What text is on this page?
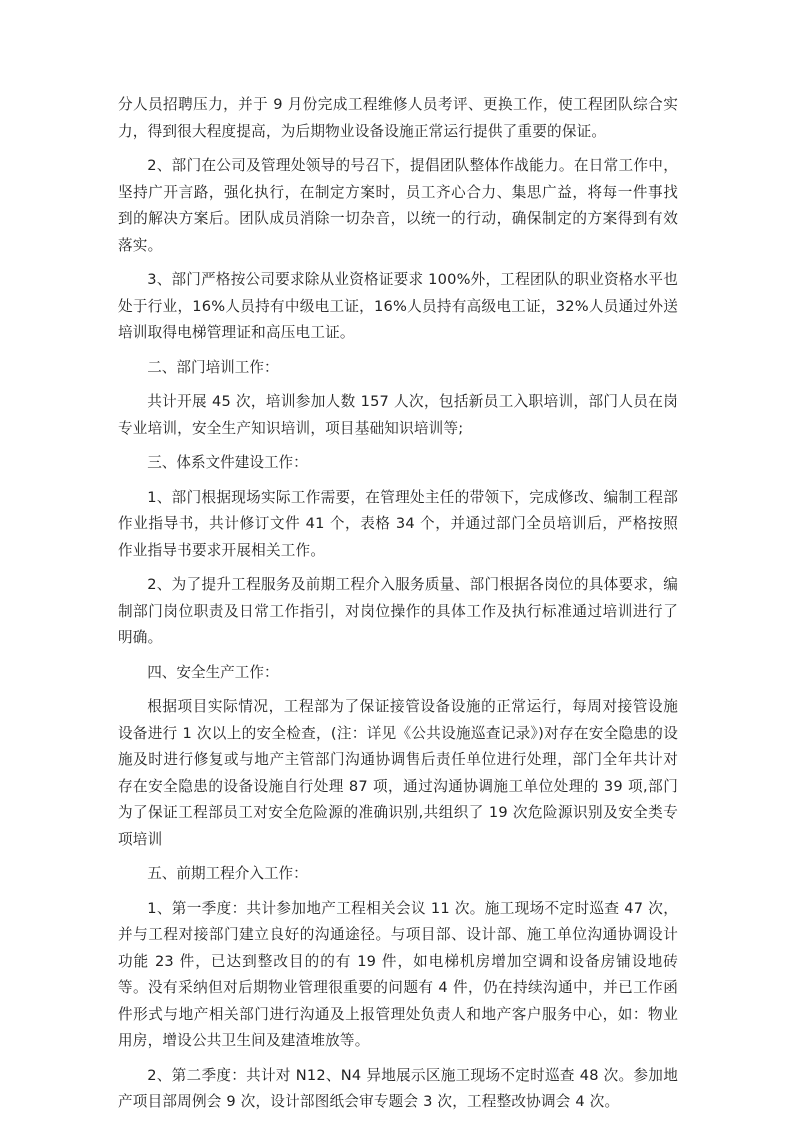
分人员招聘压力，并于 9 月份完成工程维修人员考评、更换工作，使工程团队综合实力，得到很大程度提高，为后期物业设备设施正常运行提供了重要的保证。

2、部门在公司及管理处领导的号召下，提倡团队整体作战能力。在日常工作中，坚持广开言路，强化执行，在制定方案时，员工齐心合力、集思广益，将每一件事找到的解决方案后。团队成员消除一切杂音，以统一的行动，确保制定的方案得到有效落实。

3、部门严格按公司要求除从业资格证要求 100%外，工程团队的职业资格水平也处于行业，16%人员持有中级电工证，16%人员持有高级电工证，32%人员通过外送培训取得电梯管理证和高压电工证。

二、部门培训工作：

共计开展 45 次，培训参加人数 157 人次，包括新员工入职培训，部门人员在岗专业培训，安全生产知识培训，项目基础知识培训等;

三、体系文件建设工作：

1、部门根据现场实际工作需要，在管理处主任的带领下，完成修改、编制工程部作业指导书，共计修订文件 41 个，表格 34 个，并通过部门全员培训后，严格按照作业指导书要求开展相关工作。

2、为了提升工程服务及前期工程介入服务质量、部门根据各岗位的具体要求，编制部门岗位职责及日常工作指引，对岗位操作的具体工作及执行标准通过培训进行了明确。

四、安全生产工作：

根据项目实际情况，工程部为了保证接管设备设施的正常运行，每周对接管设施设备进行 1 次以上的安全检查，(注：详见《公共设施巡查记录》)对存在安全隐患的设施及时进行修复或与地产主管部门沟通协调售后责任单位进行处理，部门全年共计对存在安全隐患的设备设施自行处理 87 项，通过沟通协调施工单位处理的 39 项,部门为了保证工程部员工对安全危险源的准确识别,共组织了 19 次危险源识别及安全类专项培训

五、前期工程介入工作：

1、第一季度：共计参加地产工程相关会议 11 次。施工现场不定时巡查 47 次，并与工程对接部门建立良好的沟通途径。与项目部、设计部、施工单位沟通协调设计功能 23 件，已达到整改目的的有 19 件，如电梯机房增加空调和设备房铺设地砖等。没有采纳但对后期物业管理很重要的问题有 4 件，仍在持续沟通中，并已工作函件形式与地产相关部门进行沟通及上报管理处负责人和地产客户服务中心，如：物业用房，增设公共卫生间及建渣堆放等。

2、第二季度：共计对 N12、N4 异地展示区施工现场不定时巡查 48 次。参加地产项目部周例会 9 次，设计部图纸会审专题会 3 次，工程整改协调会 4 次。
